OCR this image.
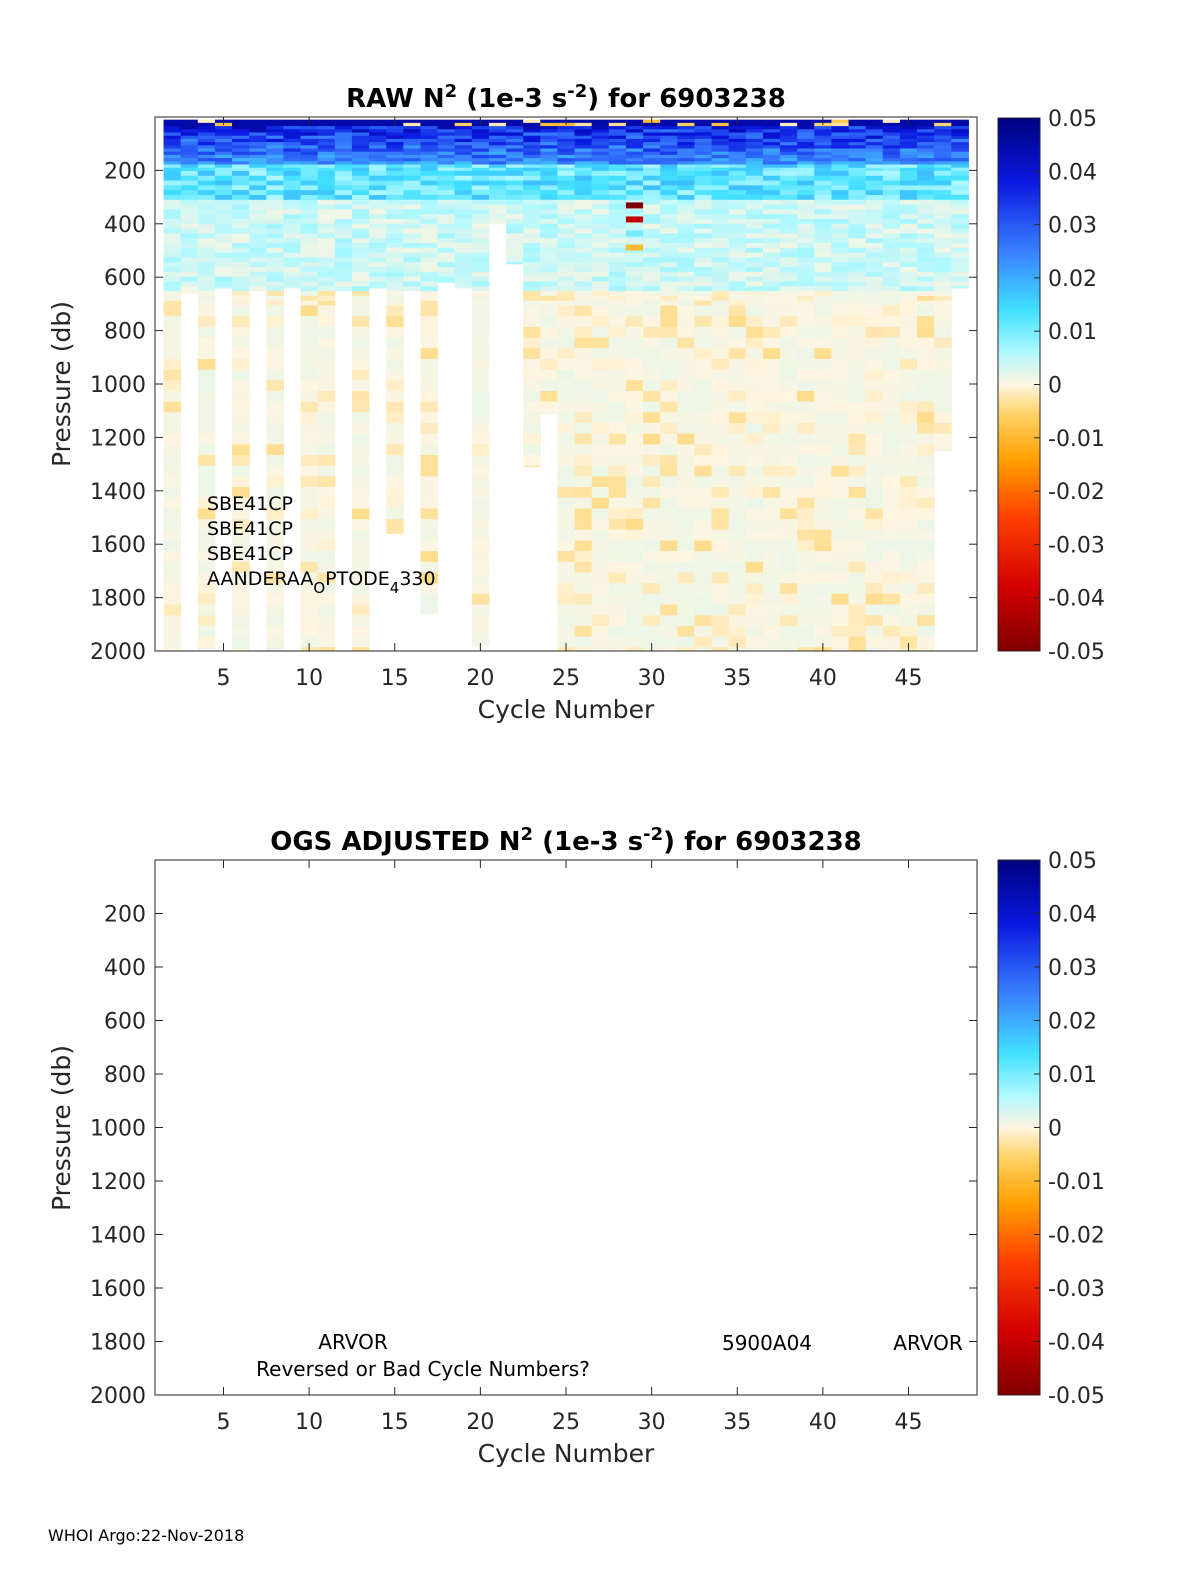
RAW $N^2$ (1e-3 $s^{-2}$) for 6903238
5	10	15	20	25	30	35	40	45
200
400
600
800
1000
1200
1400
1600
1800
2000
Cycle Number
Pressure (db)
SBE41CP
SBE41CP
SBE41CP
$AANDERAA_OPTODE_4330$
0.05
0.04
0.03
0.02
0.01
0
-0.01
-0.02
-0.03
-0.04
-0.05
OGS ADJUSTED $N^2$ (1e-3 $s^{-2}$) for 6903238
5	10	15	20	25	30	35	40	45
200
400
600
800
1000
1200
1400
1600
1800
2000
Cycle Number
Pressure (db)
ARVOR
Reversed or Bad Cycle Numbers?
5900A04	ARVOR
0.05
0.04
0.03
0.02
0.01
0
-0.01
-0.02
-0.03
-0.04
-0.05
WHOI Argo:22-Nov-2018
